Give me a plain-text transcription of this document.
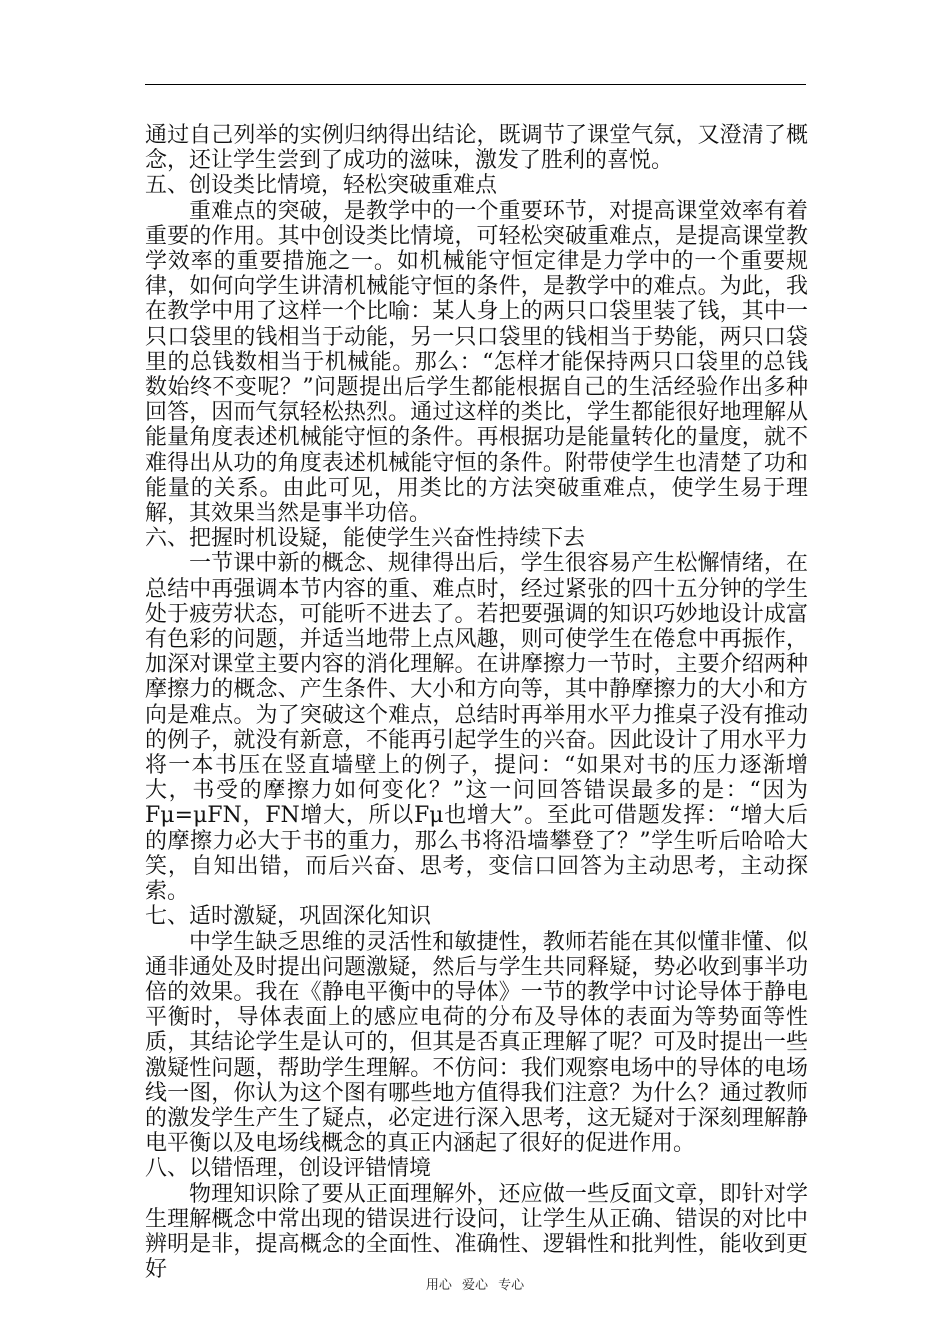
通过自己列举的实例归纳得出结论，既调节了课堂气氛，又澄清了概念，还让学生尝到了成功的滋味，激发了胜利的喜悦。

五、创设类比情境，轻松突破重难点

重难点的突破，是教学中的一个重要环节，对提高课堂效率有着重要的作用。其中创设类比情境，可轻松突破重难点，是提高课堂教学效率的重要措施之一。如机械能守恒定律是力学中的一个重要规律，如何向学生讲清机械能守恒的条件，是教学中的难点。为此，我在教学中用了这样一个比喻：某人身上的两只口袋里装了钱，其中一只口袋里的钱相当于动能，另一只口袋里的钱相当于势能，两只口袋里的总钱数相当于机械能。那么：“怎样才能保持两只口袋里的总钱数始终不变呢？”问题提出后学生都能根据自己的生活经验作出多种回答，因而气氛轻松热烈。通过这样的类比，学生都能很好地理解从能量角度表述机械能守恒的条件。再根据功是能量转化的量度，就不难得出从功的角度表述机械能守恒的条件。附带使学生也清楚了功和能量的关系。由此可见，用类比的方法突破重难点，使学生易于理解，其效果当然是事半功倍。

六、把握时机设疑，能使学生兴奋性持续下去

一节课中新的概念、规律得出后，学生很容易产生松懈情绪，在总结中再强调本节内容的重、难点时，经过紧张的四十五分钟的学生处于疲劳状态，可能听不进去了。若把要强调的知识巧妙地设计成富有色彩的问题，并适当地带上点风趣，则可使学生在倦怠中再振作，加深对课堂主要内容的消化理解。在讲摩擦力一节时，主要介绍两种摩擦力的概念、产生条件、大小和方向等，其中静摩擦力的大小和方向是难点。为了突破这个难点，总结时再举用水平力推桌子没有推动的例子，就没有新意，不能再引起学生的兴奋。因此设计了用水平力将一本书压在竖直墙壁上的例子，提问：“如果对书的压力逐渐增大，书受的摩擦力如何变化？”这一问回答错误最多的是：“因为Fμ=μFN，FN增大，所以Fμ也增大”。至此可借题发挥：“增大后的摩擦力必大于书的重力，那么书将沿墙攀登了？”学生听后哈哈大笑，自知出错，而后兴奋、思考，变信口回答为主动思考，主动探索。

七、适时激疑，巩固深化知识

中学生缺乏思维的灵活性和敏捷性，教师若能在其似懂非懂、似通非通处及时提出问题激疑，然后与学生共同释疑，势必收到事半功倍的效果。我在《静电平衡中的导体》一节的教学中讨论导体于静电平衡时，导体表面上的感应电荷的分布及导体的表面为等势面等性质，其结论学生是认可的，但其是否真正理解了呢？可及时提出一些激疑性问题，帮助学生理解。不仿问：我们观察电场中的导体的电场线一图，你认为这个图有哪些地方值得我们注意？为什么？通过教师的激发学生产生了疑点，必定进行深入思考，这无疑对于深刻理解静电平衡以及电场线概念的真正内涵起了很好的促进作用。

八、以错悟理，创设评错情境

物理知识除了要从正面理解外，还应做一些反面文章，即针对学生理解概念中常出现的错误进行设问，让学生从正确、错误的对比中辨明是非，提高概念的全面性、准确性、逻辑性和批判性，能收到更好

用心 爱心 专心
